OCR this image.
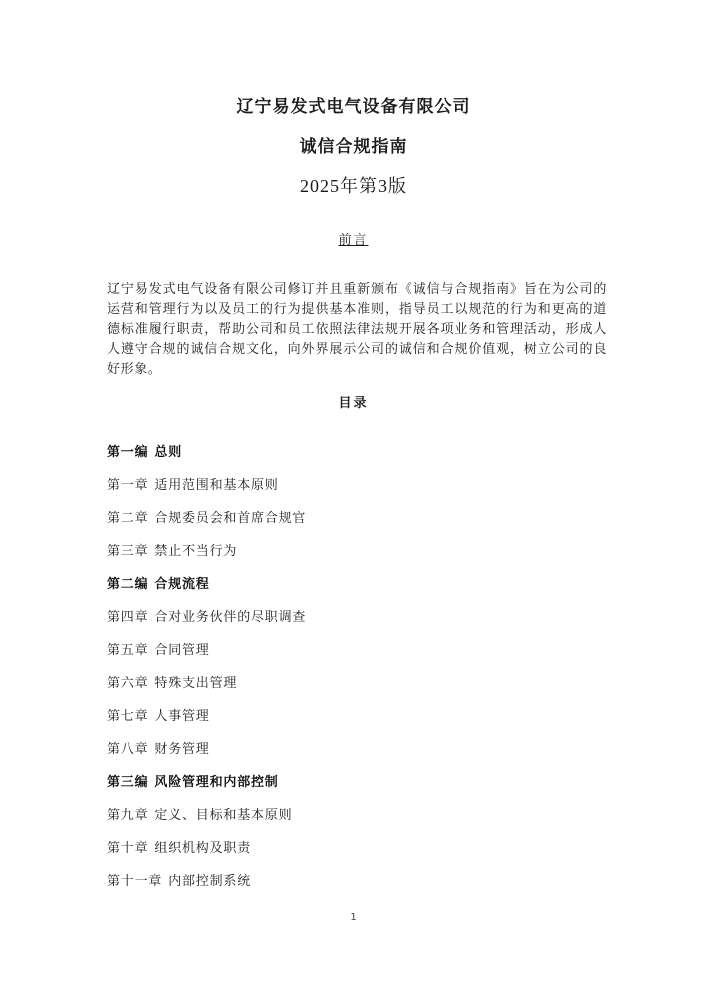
辽宁易发式电气设备有限公司
诚信合规指南
2025年第3版
前言
辽宁易发式电气设备有限公司修订并且重新颁布《诚信与合规指南》旨在为公司的运营和管理行为以及员工的行为提供基本准则，指导员工以规范的行为和更高的道德标准履行职责，帮助公司和员工依照法律法规开展各项业务和管理活动，形成人人遵守合规的诚信合规文化，向外界展示公司的诚信和合规价值观，树立公司的良好形象。
目录
第一编 总则
第一章 适用范围和基本原则
第二章 合规委员会和首席合规官
第三章 禁止不当行为
第二编 合规流程
第四章 合对业务伙伴的尽职调查
第五章 合同管理
第六章 特殊支出管理
第七章 人事管理
第八章 财务管理
第三编 风险管理和内部控制
第九章 定义、目标和基本原则
第十章 组织机构及职责
第十一章 内部控制系统
1
